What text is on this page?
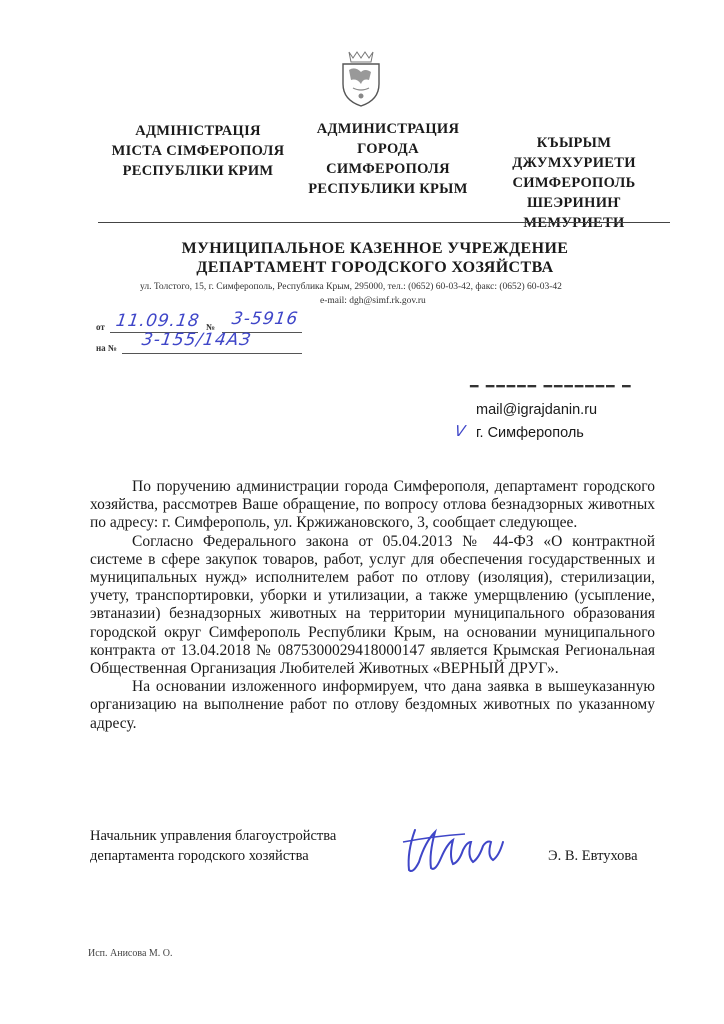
АДМІНІСТРАЦІЯ
МІСТА СІМФЕРОПОЛЯ
РЕСПУБЛІКИ КРИМ
АДМИНИСТРАЦИЯ
ГОРОДА
СИМФЕРОПОЛЯ
РЕСПУБЛИКИ КРЫМ
КЪЫРЫМ
ДЖУМХУРИЕТИ
СИМФЕРОПОЛЬ
ШЕЭРИНИҤ
МЕМУРИЕТИ
МУНИЦИПАЛЬНОЕ КАЗЕННОЕ УЧРЕЖДЕНИЕ
ДЕПАРТАМЕНТ ГОРОДСКОГО ХОЗЯЙСТВА
ул. Толстого, 15, г. Симферополь, Республика Крым, 295000, тел.: (0652) 60-03-42, факс: (0652) 60-03-42
e-mail: dgh@simf.rk.gov.ru
от 11.09.18 № 3-5916
на № 3-155/14АЗ
━ ━━━━━ ━━━━━━━ ━
mail@igrajdanin.ru
V г. Симферополь

По поручению администрации города Симферополя, департамент городского хозяйства, рассмотрев Ваше обращение, по вопросу отлова безнадзорных животных по адресу: г. Симферополь, ул. Кржижановского, 3, сообщает следующее.

Согласно Федерального закона от 05.04.2013 № 44-ФЗ «О контрактной системе в сфере закупок товаров, работ, услуг для обеспечения государственных и муниципальных нужд» исполнителем работ по отлову (изоляция), стерилизации, учету, транспортировки, уборки и утилизации, а также умерщвлению (усыпление, эвтаназии) безнадзорных животных на территории муниципального образования городской округ Симферополь Республики Крым, на основании муниципального контракта от 13.04.2018 № 0875300029418000147 является Крымская Региональная Общественная Организация Любителей Животных «ВЕРНЫЙ ДРУГ».

На основании изложенного информируем, что дана заявка в вышеуказанную организацию на выполнение работ по отлову бездомных животных по указанному адресу.

Начальник управления благоустройства
департамента городского хозяйства	Э. В. Евтухова
Исп. Анисова М. О.
